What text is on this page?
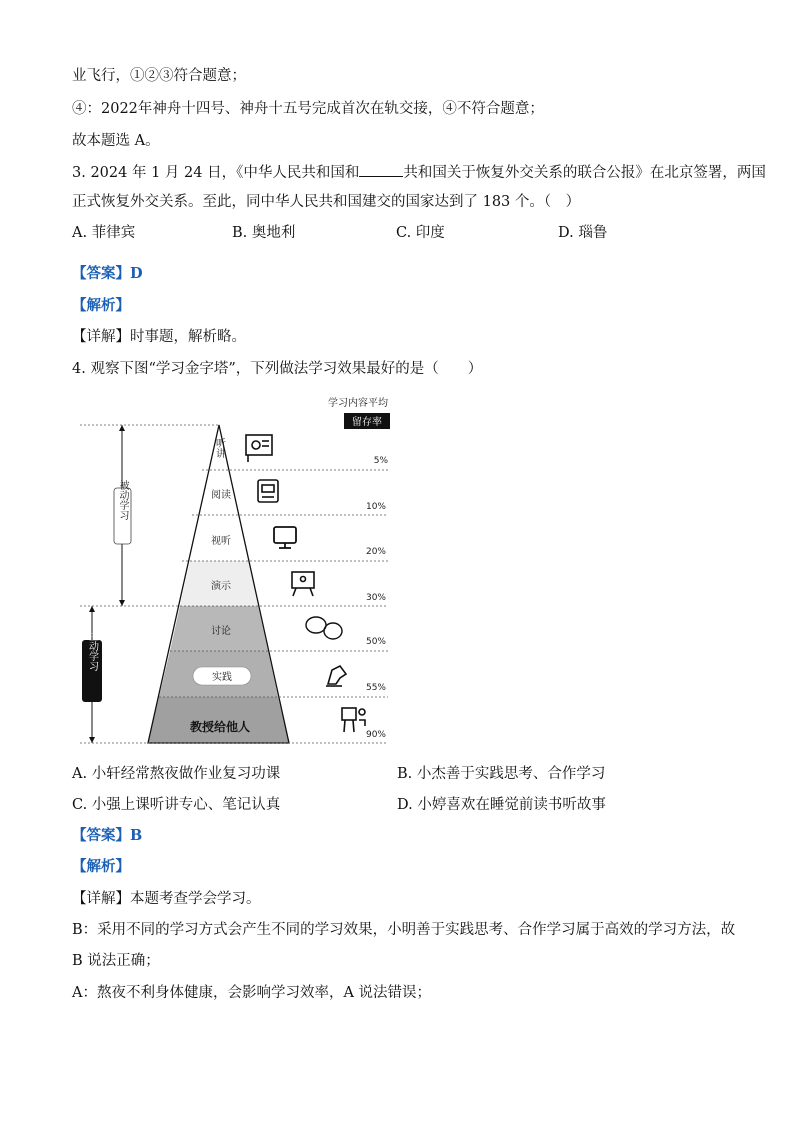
业飞行，①②③符合题意；
④：2022年神舟十四号、神舟十五号完成首次在轨交接，④不符合题意；
故本题选 A。
3. 2024 年 1 月 24 日，《中华人民共和国和	共和国关于恢复外交关系的联合公报》在北京签署，两国
正式恢复外交关系。至此，同中华人民共和国建交的国家达到了 183 个。（　）
A. 菲律宾	B. 奥地利	C. 印度	D. 瑙鲁
【答案】D
【解析】
【详解】时事题，解析略。
4. 观察下图“学习金字塔”，下列做法学习效果最好的是（　　）
学习内容平均
留存率
被动学习
主动学习
听讲
阅读
视听
演示
讨论
实践
教授给他人
5%
10%
20%
30%
50%
55%
90%
A. 小轩经常熬夜做作业复习功课	B. 小杰善于实践思考、合作学习
C. 小强上课听讲专心、笔记认真	D. 小婷喜欢在睡觉前读书听故事
【答案】B
【解析】
【详解】本题考查学会学习。
B：采用不同的学习方式会产生不同的学习效果，小明善于实践思考、合作学习属于高效的学习方法，故
B 说法正确；
A：熬夜不利身体健康，会影响学习效率，A 说法错误；
